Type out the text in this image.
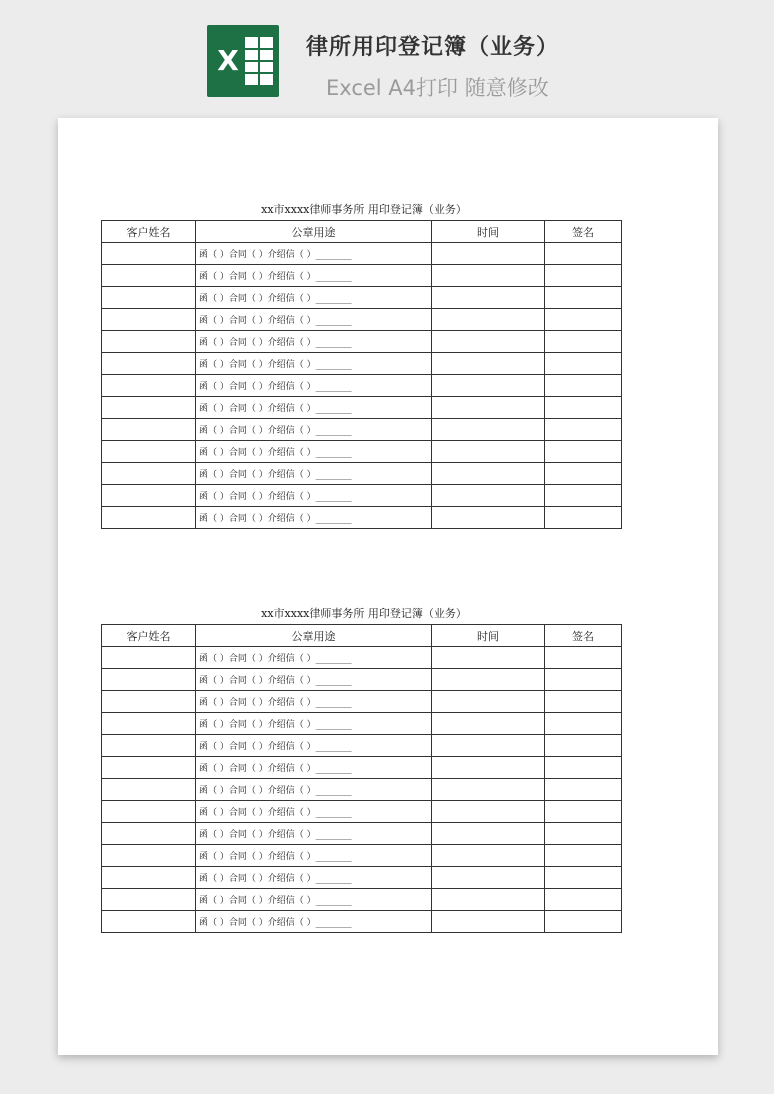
X	律所用印登记簿（业务）
Excel A4打印 随意修改
xx市xxxx律师事务所 用印登记簿（业务）
客户姓名	公章用途	时间	签名
	函（ ）合同（ ）介绍信（ ）________		
	函（ ）合同（ ）介绍信（ ）________		
	函（ ）合同（ ）介绍信（ ）________		
	函（ ）合同（ ）介绍信（ ）________		
	函（ ）合同（ ）介绍信（ ）________		
	函（ ）合同（ ）介绍信（ ）________		
	函（ ）合同（ ）介绍信（ ）________		
	函（ ）合同（ ）介绍信（ ）________		
	函（ ）合同（ ）介绍信（ ）________		
	函（ ）合同（ ）介绍信（ ）________		
	函（ ）合同（ ）介绍信（ ）________		
	函（ ）合同（ ）介绍信（ ）________		
	函（ ）合同（ ）介绍信（ ）________		
xx市xxxx律师事务所 用印登记簿（业务）
客户姓名	公章用途	时间	签名
	函（ ）合同（ ）介绍信（ ）________		
	函（ ）合同（ ）介绍信（ ）________		
	函（ ）合同（ ）介绍信（ ）________		
	函（ ）合同（ ）介绍信（ ）________		
	函（ ）合同（ ）介绍信（ ）________		
	函（ ）合同（ ）介绍信（ ）________		
	函（ ）合同（ ）介绍信（ ）________		
	函（ ）合同（ ）介绍信（ ）________		
	函（ ）合同（ ）介绍信（ ）________		
	函（ ）合同（ ）介绍信（ ）________		
	函（ ）合同（ ）介绍信（ ）________		
	函（ ）合同（ ）介绍信（ ）________		
	函（ ）合同（ ）介绍信（ ）________		
